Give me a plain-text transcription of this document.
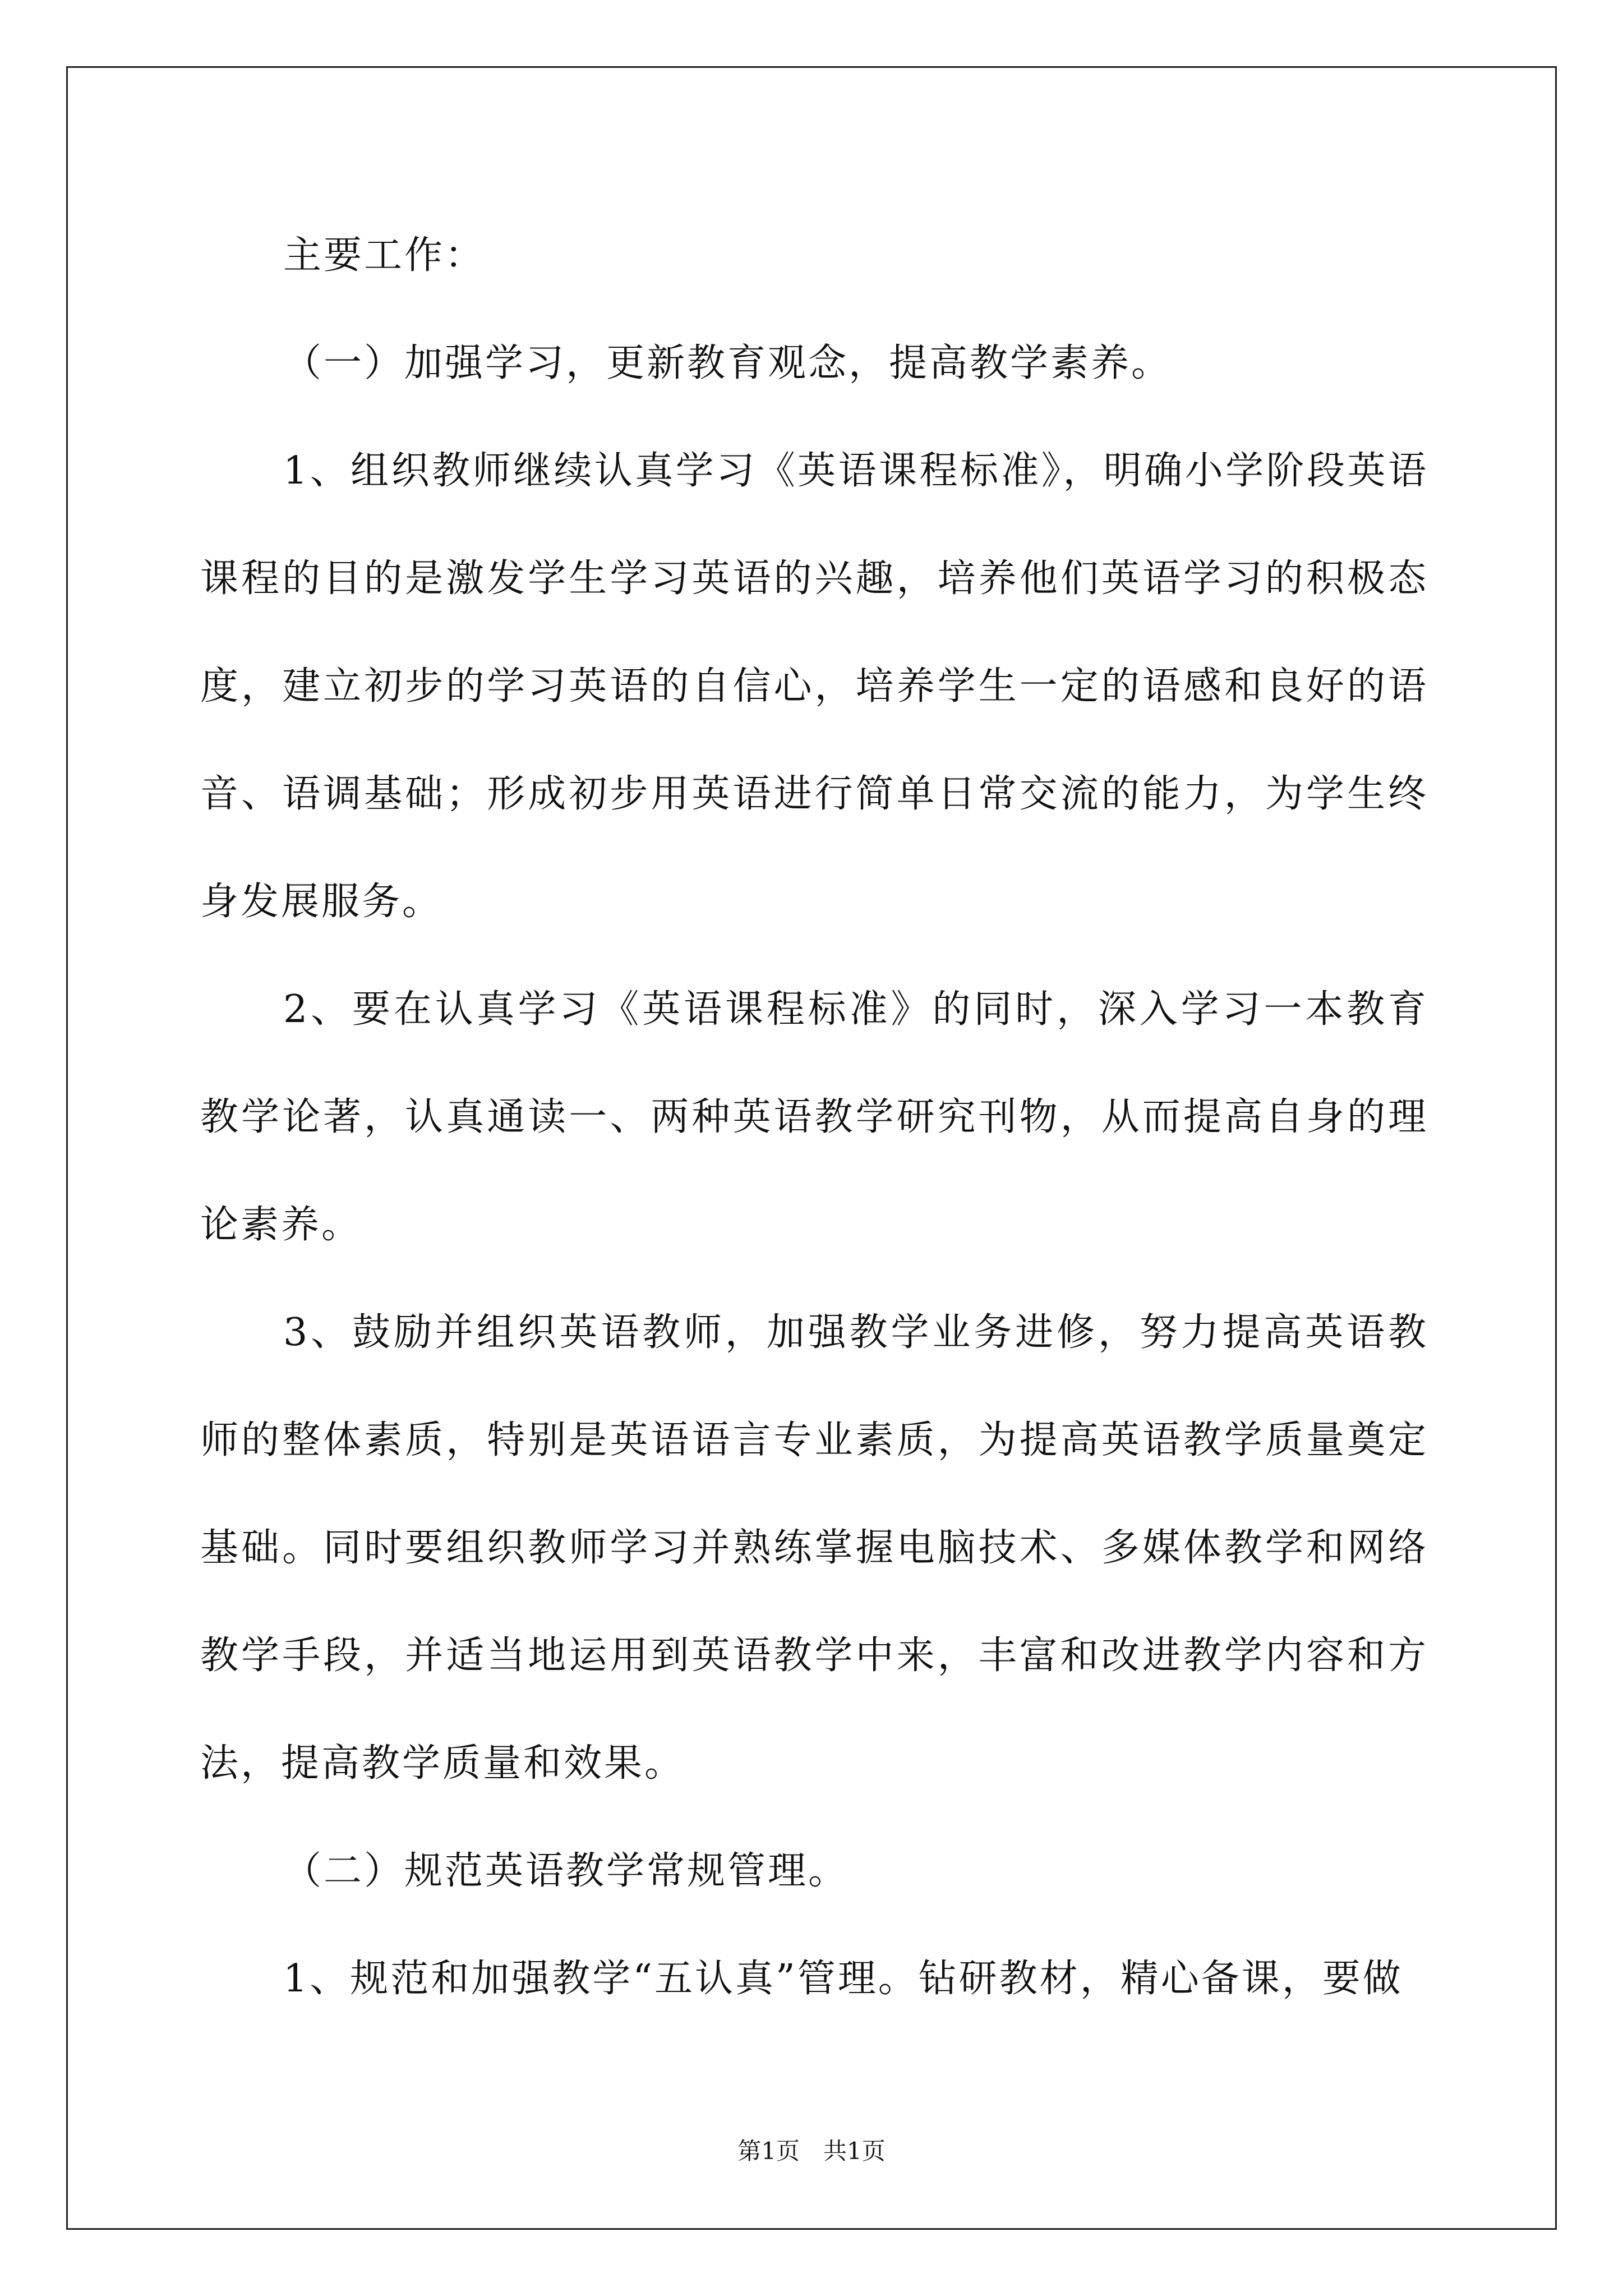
主要工作：

（一）加强学习，更新教育观念，提高教学素养。

1、组织教师继续认真学习《英语课程标准》，明确小学阶段英语课程的目的是激发学生学习英语的兴趣，培养他们英语学习的积极态度，建立初步的学习英语的自信心，培养学生一定的语感和良好的语音、语调基础；形成初步用英语进行简单日常交流的能力，为学生终身发展服务。

2、要在认真学习《英语课程标准》的同时，深入学习一本教育教学论著，认真通读一、两种英语教学研究刊物，从而提高自身的理论素养。

3、鼓励并组织英语教师，加强教学业务进修，努力提高英语教师的整体素质，特别是英语语言专业素质，为提高英语教学质量奠定基础。同时要组织教师学习并熟练掌握电脑技术、多媒体教学和网络教学手段，并适当地运用到英语教学中来，丰富和改进教学内容和方法，提高教学质量和效果。

（二）规范英语教学常规管理。

1、规范和加强教学“五认真”管理。钻研教材，精心备课，要做

第1页　共1页
